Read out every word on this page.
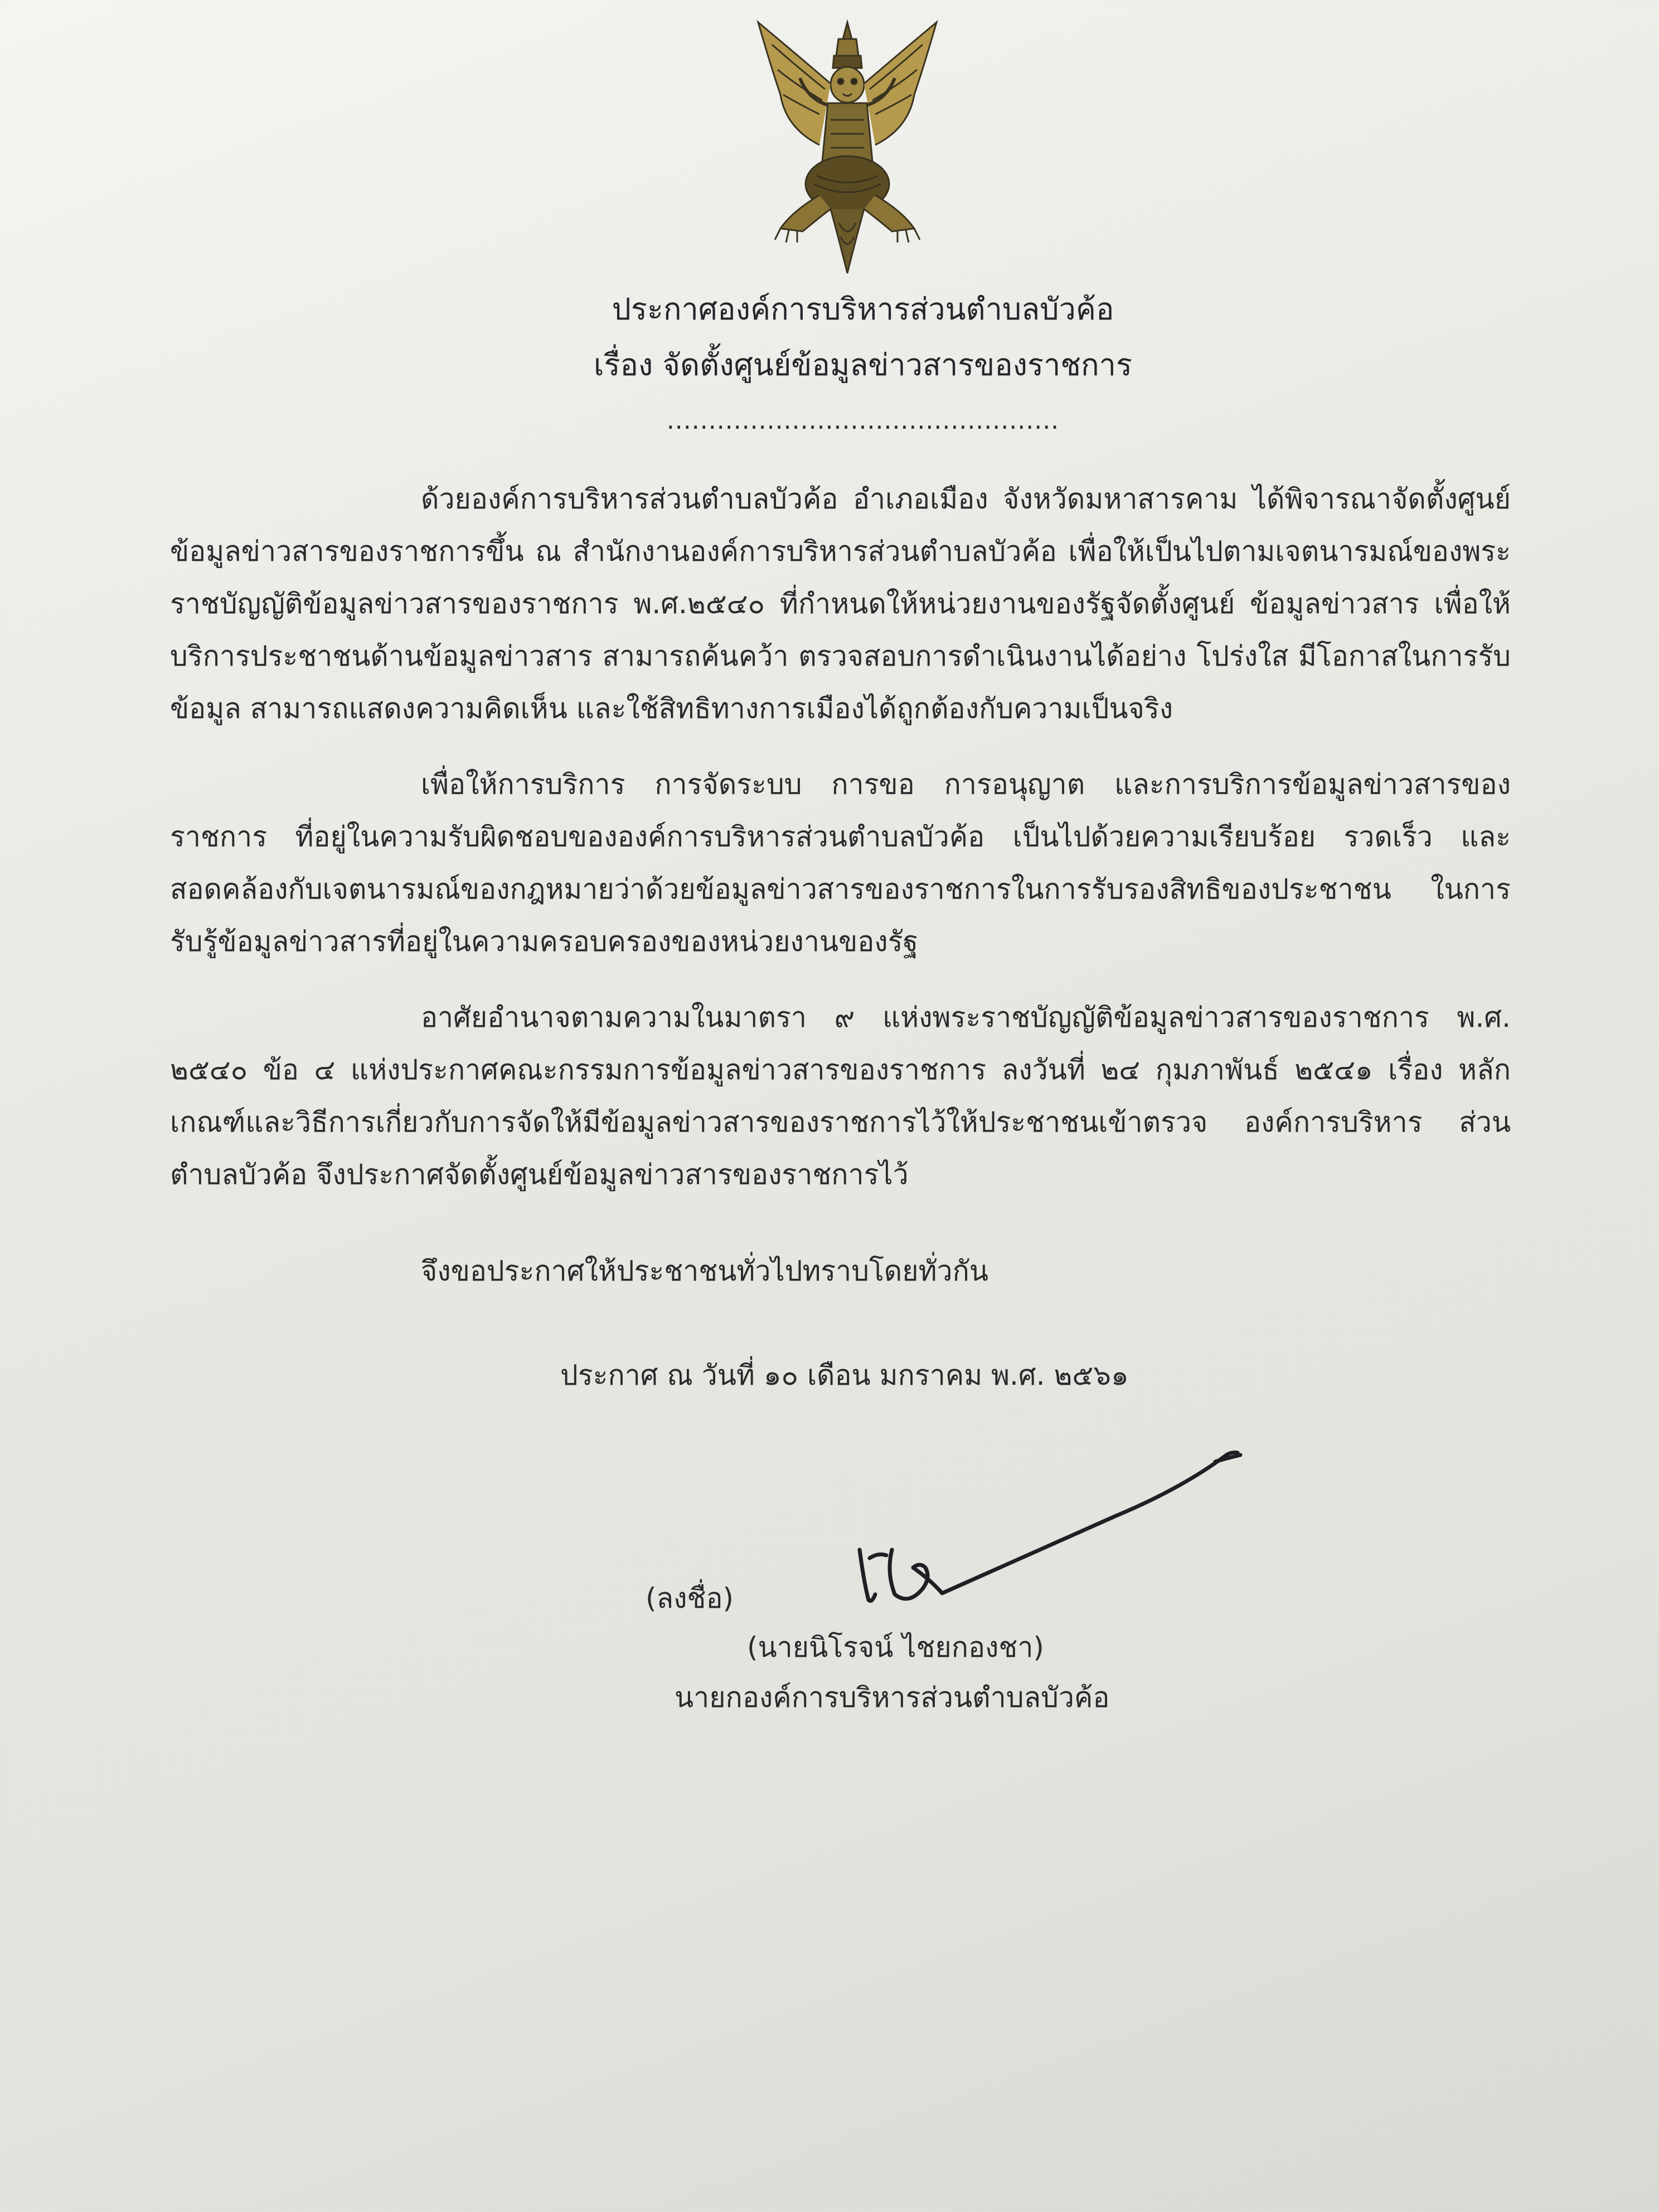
ประกาศองค์การบริหารส่วนตำบลบัวค้อ
เรื่อง จัดตั้งศูนย์ข้อมูลข่าวสารของราชการ
...............................................

ด้วยองค์การบริหารส่วนตำบลบัวค้อ อำเภอเมือง จังหวัดมหาสารคาม ได้พิจารณาจัดตั้งศูนย์ข้อมูลข่าวสารของราชการขึ้น ณ สำนักงานองค์การบริหารส่วนตำบลบัวค้อ เพื่อให้เป็นไปตามเจตนารมณ์ของพระราชบัญญัติข้อมูลข่าวสารของราชการ พ.ศ.๒๕๔๐ ที่กำหนดให้หน่วยงานของรัฐจัดตั้งศูนย์ ข้อมูลข่าวสาร เพื่อให้บริการประชาชนด้านข้อมูลข่าวสาร สามารถค้นคว้า ตรวจสอบการดำเนินงานได้อย่าง โปร่งใส มีโอกาสในการรับข้อมูล สามารถแสดงความคิดเห็น และใช้สิทธิทางการเมืองได้ถูกต้องกับความเป็นจริง

เพื่อให้การบริการ การจัดระบบ การขอ การอนุญาต และการบริการข้อมูลข่าวสารของราชการ ที่อยู่ในความรับผิดชอบขององค์การบริหารส่วนตำบลบัวค้อ เป็นไปด้วยความเรียบร้อย รวดเร็ว และสอดคล้องกับเจตนารมณ์ของกฎหมายว่าด้วยข้อมูลข่าวสารของราชการในการรับรองสิทธิของประชาชน ในการรับรู้ข้อมูลข่าวสารที่อยู่ในความครอบครองของหน่วยงานของรัฐ

อาศัยอำนาจตามความในมาตรา ๙ แห่งพระราชบัญญัติข้อมูลข่าวสารของราชการ พ.ศ. ๒๕๔๐ ข้อ ๔ แห่งประกาศคณะกรรมการข้อมูลข่าวสารของราชการ ลงวันที่ ๒๔ กุมภาพันธ์ ๒๕๔๑ เรื่อง หลักเกณฑ์และวิธีการเกี่ยวกับการจัดให้มีข้อมูลข่าวสารของราชการไว้ให้ประชาชนเข้าตรวจ องค์การบริหาร ส่วนตำบลบัวค้อ จึงประกาศจัดตั้งศูนย์ข้อมูลข่าวสารของราชการไว้

จึงขอประกาศให้ประชาชนทั่วไปทราบโดยทั่วกัน
ประกาศ ณ วันที่ ๑๐ เดือน มกราคม พ.ศ. ๒๕๖๑
(ลงชื่อ)
(นายนิโรจน์ ไชยกองชา)
นายกองค์การบริหารส่วนตำบลบัวค้อ
